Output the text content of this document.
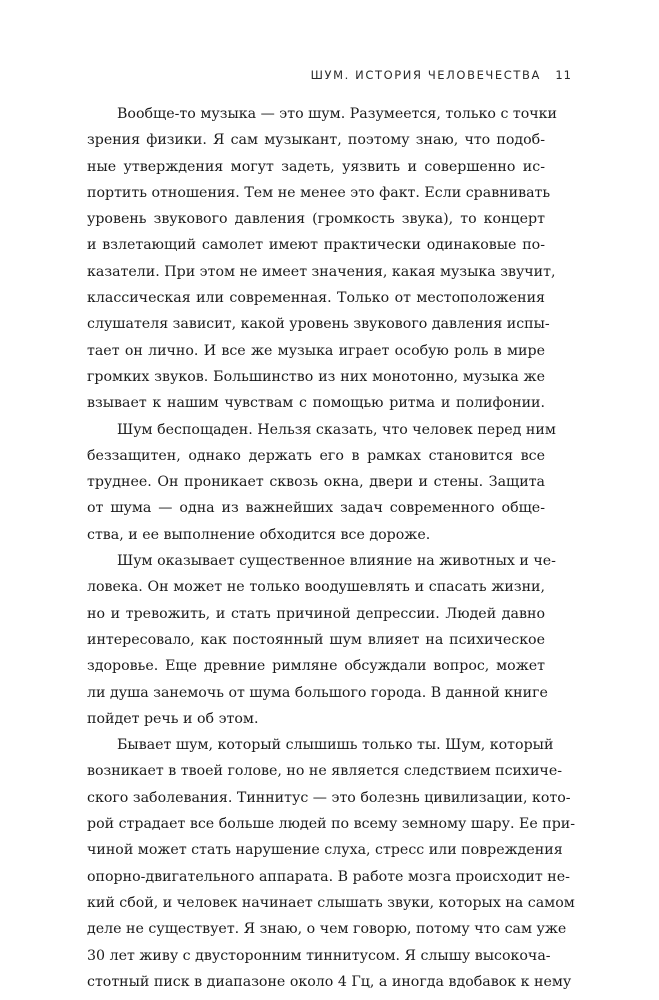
ШУМ. ИСТОРИЯ ЧЕЛОВЕЧЕСТВА 11
Вообще-то музыка — это шум. Разумеется, только с точки
зрения физики. Я сам музыкант, поэтому знаю, что подоб-
ные утверждения могут задеть, уязвить и совершенно ис-
портить отношения. Тем не менее это факт. Если сравнивать
уровень звукового давления (громкость звука), то концерт
и взлетающий самолет имеют практически одинаковые по-
казатели. При этом не имеет значения, какая музыка звучит,
классическая или современная. Только от местоположения
слушателя зависит, какой уровень звукового давления испы-
тает он лично. И все же музыка играет особую роль в мире
громких звуков. Большинство из них монотонно, музыка же
взывает к нашим чувствам с помощью ритма и полифонии.
Шум беспощаден. Нельзя сказать, что человек перед ним
беззащитен, однако держать его в рамках становится все
труднее. Он проникает сквозь окна, двери и стены. Защита
от шума — одна из важнейших задач современного обще-
ства, и ее выполнение обходится все дороже.
Шум оказывает существенное влияние на животных и че-
ловека. Он может не только воодушевлять и спасать жизни,
но и тревожить, и стать причиной депрессии. Людей давно
интересовало, как постоянный шум влияет на психическое
здоровье. Еще древние римляне обсуждали вопрос, может
ли душа занемочь от шума большого города. В данной книге
пойдет речь и об этом.
Бывает шум, который слышишь только ты. Шум, который
возникает в твоей голове, но не является следствием психиче-
ского заболевания. Тиннитус — это болезнь цивилизации, кото-
рой страдает все больше людей по всему земному шару. Ее при-
чиной может стать нарушение слуха, стресс или повреждения
опорно-двигательного аппарата. В работе мозга происходит не-
кий сбой, и человек начинает слышать звуки, которых на самом
деле не существует. Я знаю, о чем говорю, потому что сам уже
30 лет живу с двусторонним тиннитусом. Я слышу высокоча-
стотный писк в диапазоне около 4 Гц, а иногда вдобавок к нему
